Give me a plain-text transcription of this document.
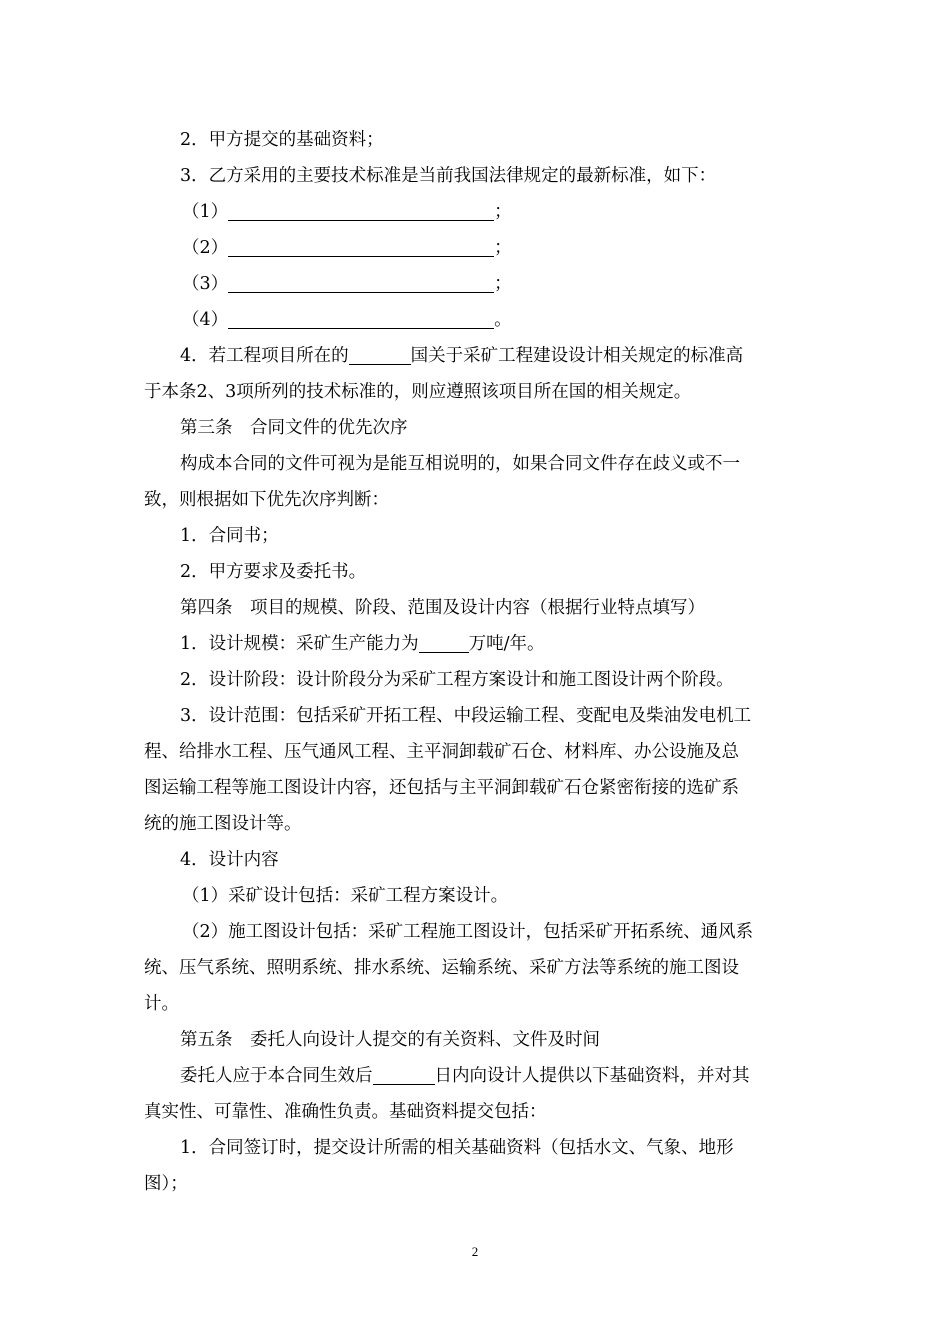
2．甲方提交的基础资料；
3．乙方采用的主要技术标准是当前我国法律规定的最新标准，如下：
（1）	；
（2）	；
（3）	；
（4）	。
4．若工程项目所在的	国关于采矿工程建设设计相关规定的标准高
于本条2、3项所列的技术标准的，则应遵照该项目所在国的相关规定。
第三条　合同文件的优先次序
构成本合同的文件可视为是能互相说明的，如果合同文件存在歧义或不一
致，则根据如下优先次序判断：
1．合同书；
2．甲方要求及委托书。
第四条　项目的规模、阶段、范围及设计内容（根据行业特点填写）
1．设计规模：采矿生产能力为	万吨/年。
2．设计阶段：设计阶段分为采矿工程方案设计和施工图设计两个阶段。
3．设计范围：包括采矿开拓工程、中段运输工程、变配电及柴油发电机工
程、给排水工程、压气通风工程、主平洞卸载矿石仓、材料库、办公设施及总
图运输工程等施工图设计内容，还包括与主平洞卸载矿石仓紧密衔接的选矿系
统的施工图设计等。
4．设计内容
（1）采矿设计包括：采矿工程方案设计。
（2）施工图设计包括：采矿工程施工图设计，包括采矿开拓系统、通风系
统、压气系统、照明系统、排水系统、运输系统、采矿方法等系统的施工图设
计。
第五条　委托人向设计人提交的有关资料、文件及时间
委托人应于本合同生效后	日内向设计人提供以下基础资料，并对其
真实性、可靠性、准确性负责。基础资料提交包括：
1．合同签订时，提交设计所需的相关基础资料（包括水文、气象、地形
图）；
2
